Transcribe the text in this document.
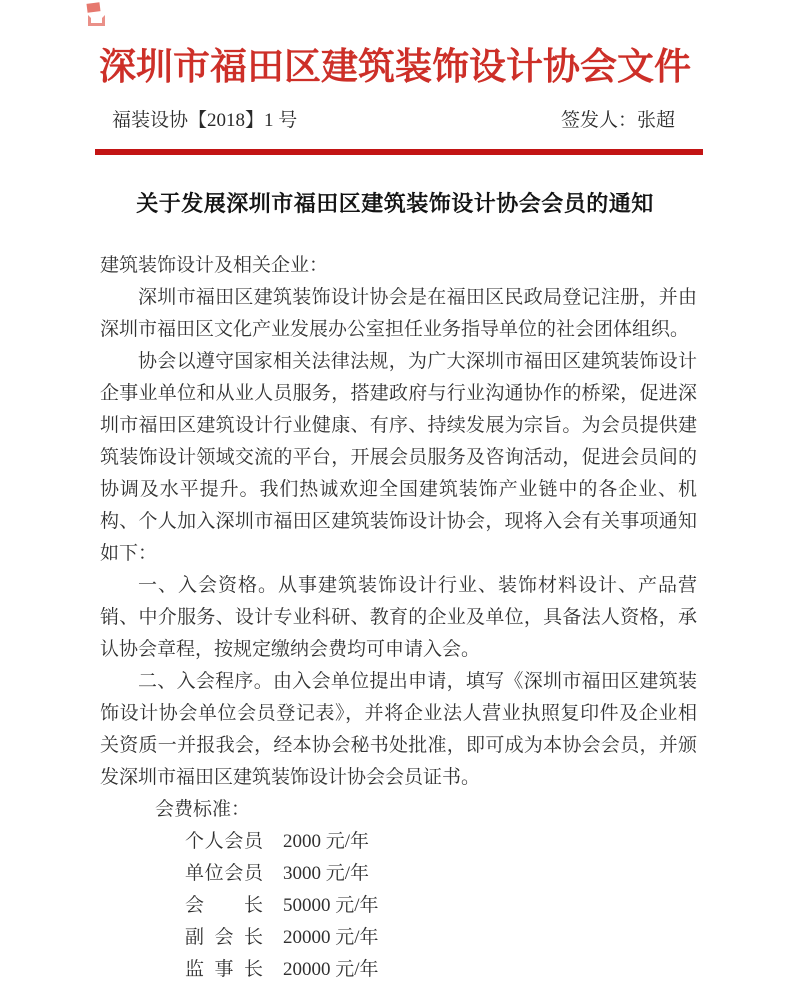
深圳市福田区建筑装饰设计协会文件
福装设协【2018】1 号	签发人：张超
关于发展深圳市福田区建筑装饰设计协会会员的通知

建筑装饰设计及相关企业：

深圳市福田区建筑装饰设计协会是在福田区民政局登记注册，并由深圳市福田区文化产业发展办公室担任业务指导单位的社会团体组织。

协会以遵守国家相关法律法规，为广大深圳市福田区建筑装饰设计企事业单位和从业人员服务，搭建政府与行业沟通协作的桥梁，促进深圳市福田区建筑设计行业健康、有序、持续发展为宗旨。为会员提供建筑装饰设计领域交流的平台，开展会员服务及咨询活动，促进会员间的协调及水平提升。我们热诚欢迎全国建筑装饰产业链中的各企业、机构、个人加入深圳市福田区建筑装饰设计协会，现将入会有关事项通知如下：

一、入会资格。从事建筑装饰设计行业、装饰材料设计、产品营销、中介服务、设计专业科研、教育的企业及单位，具备法人资格，承认协会章程，按规定缴纳会费均可申请入会。

二、入会程序。由入会单位提出申请，填写《深圳市福田区建筑装饰设计协会单位会员登记表》，并将企业法人营业执照复印件及企业相关资质一并报我会，经本协会秘书处批准，即可成为本协会会员，并颁发深圳市福田区建筑装饰设计协会会员证书。

会费标准：

个人会员 2000 元/年
单位会员 3000 元/年
会长 50000 元/年
副会长 20000 元/年
监事长 20000 元/年
